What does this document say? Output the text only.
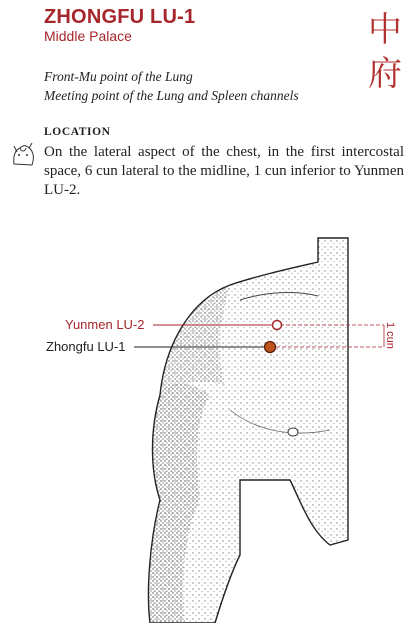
ZHONGFU LU-1
Middle Palace	中
府
Front-Mu point of the Lung
Meeting point of the Lung and Spleen channels
LOCATION
On the lateral aspect of the chest, in the first intercostal space, 6 cun lateral to the midline, 1 cun inferior to Yunmen LU-2.
Yunmen LU-2
Zhongfu LU-1	1 cun
